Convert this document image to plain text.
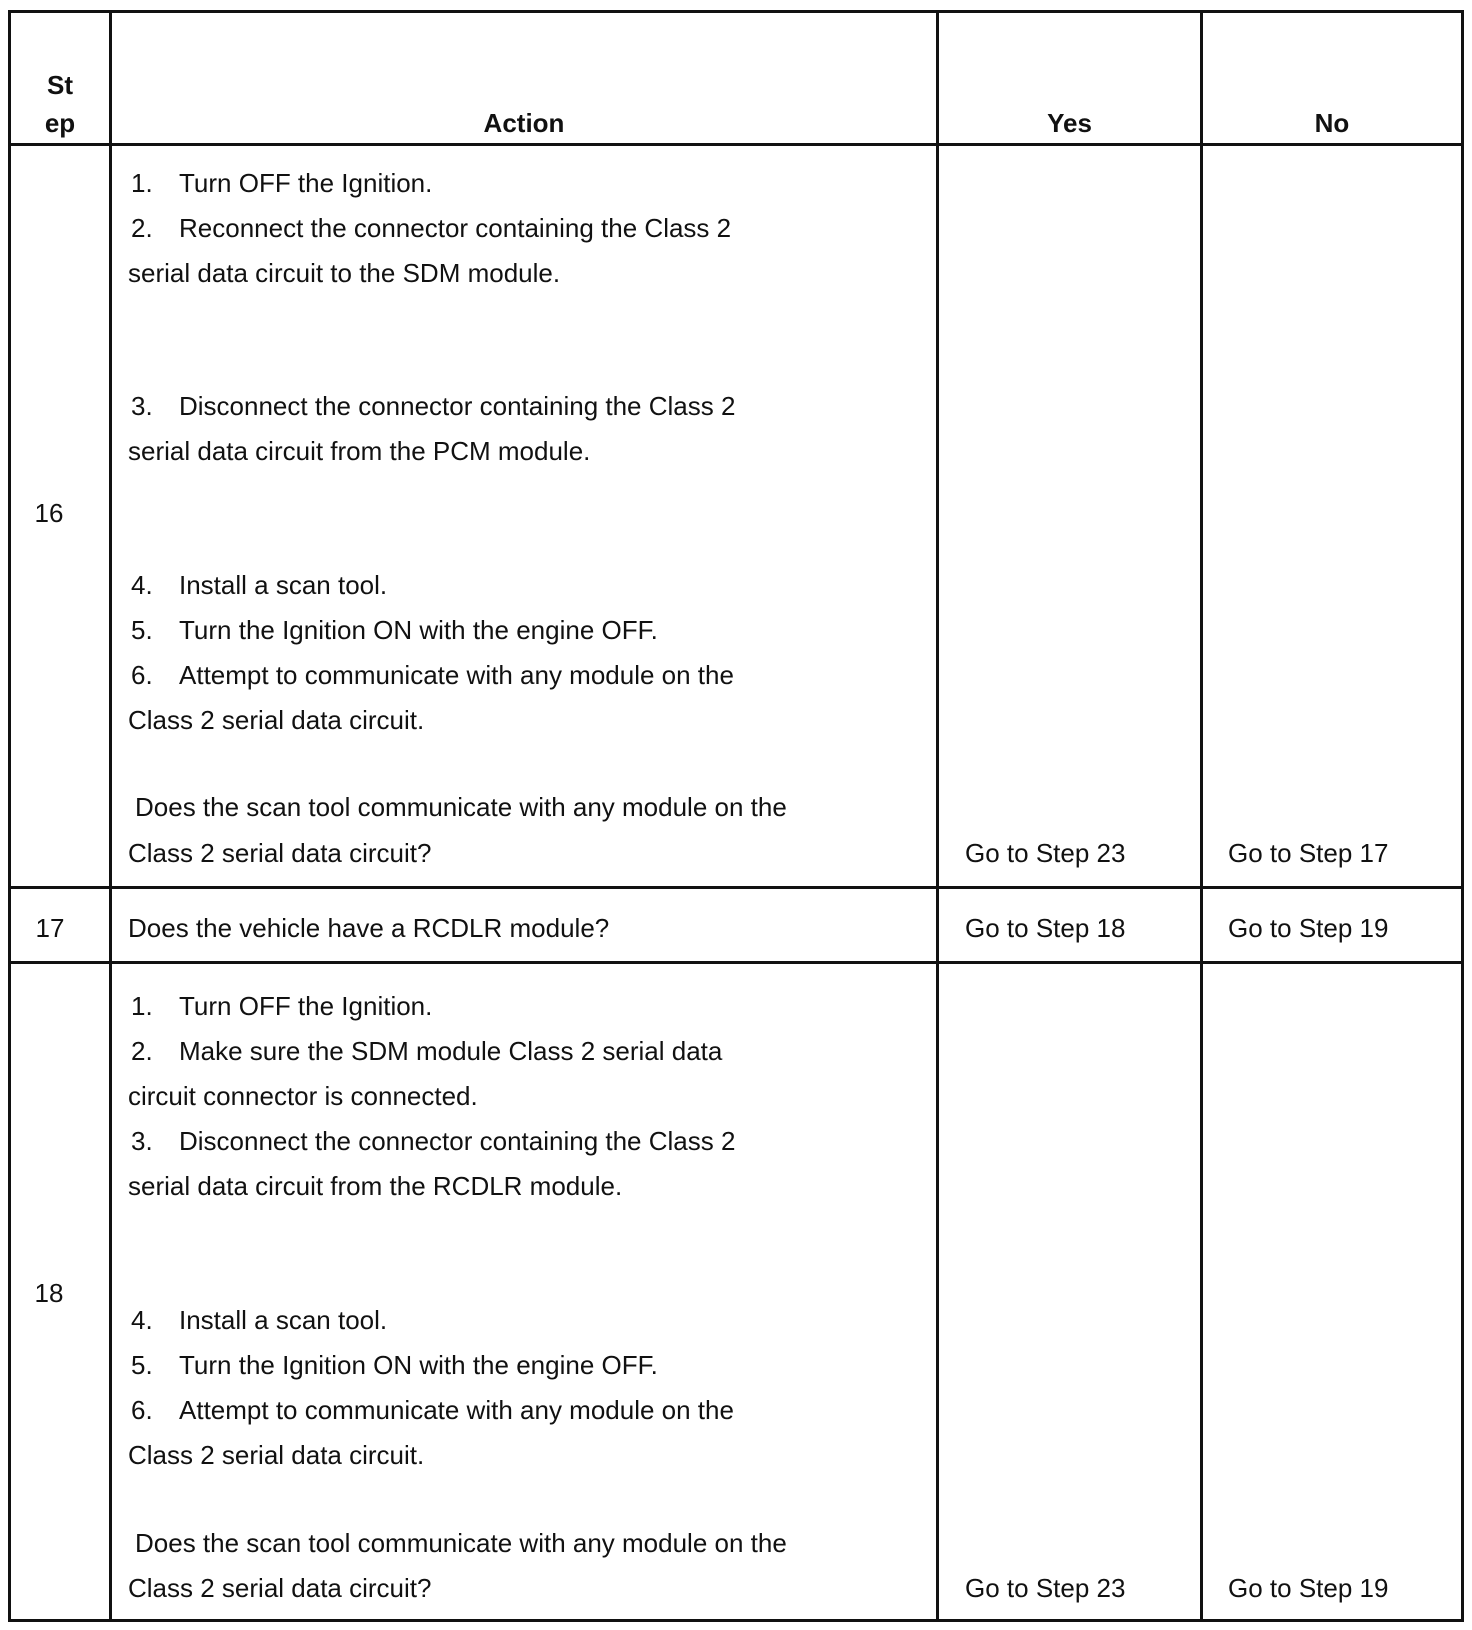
St
ep	Action	Yes	No
16
1. Turn OFF the Ignition.
2. Reconnect the connector containing the Class 2
serial data circuit to the SDM module.
3. Disconnect the connector containing the Class 2
serial data circuit from the PCM module.
4. Install a scan tool.
5. Turn the Ignition ON with the engine OFF.
6. Attempt to communicate with any module on the
Class 2 serial data circuit.
Does the scan tool communicate with any module on the
Class 2 serial data circuit?	Go to Step 23	Go to Step 17
17	Does the vehicle have a RCDLR module?	Go to Step 18	Go to Step 19
18
1. Turn OFF the Ignition.
2. Make sure the SDM module Class 2 serial data
circuit connector is connected.
3. Disconnect the connector containing the Class 2
serial data circuit from the RCDLR module.
4. Install a scan tool.
5. Turn the Ignition ON with the engine OFF.
6. Attempt to communicate with any module on the
Class 2 serial data circuit.
Does the scan tool communicate with any module on the
Class 2 serial data circuit?	Go to Step 23	Go to Step 19
